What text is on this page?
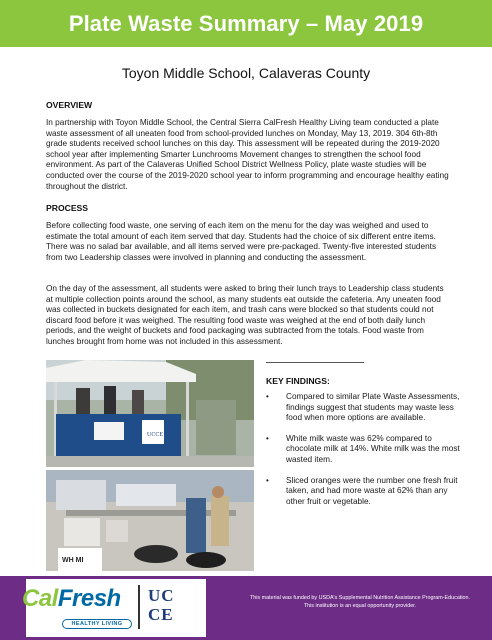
Plate Waste Summary – May 2019
Toyon Middle School, Calaveras County
OVERVIEW
In partnership with Toyon Middle School, the Central Sierra CalFresh Healthy Living team conducted a plate waste assessment of all uneaten food from school-provided lunches on Monday, May 13, 2019. 304 6th-8th grade students received school lunches on this day. This assessment will be repeated during the 2019-2020 school year after implementing Smarter Lunchrooms Movement changes to strengthen the school food environment. As part of the Calaveras Unified School District Wellness Policy, plate waste studies will be conducted over the course of the 2019-2020 school year to inform programming and encourage healthy eating throughout the district.
PROCESS
Before collecting food waste, one serving of each item on the menu for the day was weighed and used to estimate the total amount of each item served that day. Students had the choice of six different entre items. There was no salad bar available, and all items served were pre-packaged. Twenty-five interested students from two Leadership classes were involved in planning and conducting the assessment.
On the day of the assessment, all students were asked to bring their lunch trays to Leadership class students at multiple collection points around the school, as many students eat outside the cafeteria. Any uneaten food was collected in buckets designated for each item, and trash cans were blocked so that students could not discard food before it was weighed. The resulting food waste was weighed at the end of both daily lunch periods, and the weight of buckets and food packaging was subtracted from the totals. Food waste from lunches brought from home was not included in this assessment.
UCCE
WH MI
KEY FINDINGS:
• Compared to similar Plate Waste Assessments, findings suggest that students may waste less food when more options are available.
• White milk waste was 62% compared to chocolate milk at 14%. White milk was the most wasted item.
• Sliced oranges were the number one fresh fruit taken, and had more waste at 62% than any other fruit or vegetable.
CalFresh
HEALTHY LIVING
UCCE
This material was funded by USDA's Supplemental Nutrition Assistance Program-Education. This institution is an equal opportunity provider.
